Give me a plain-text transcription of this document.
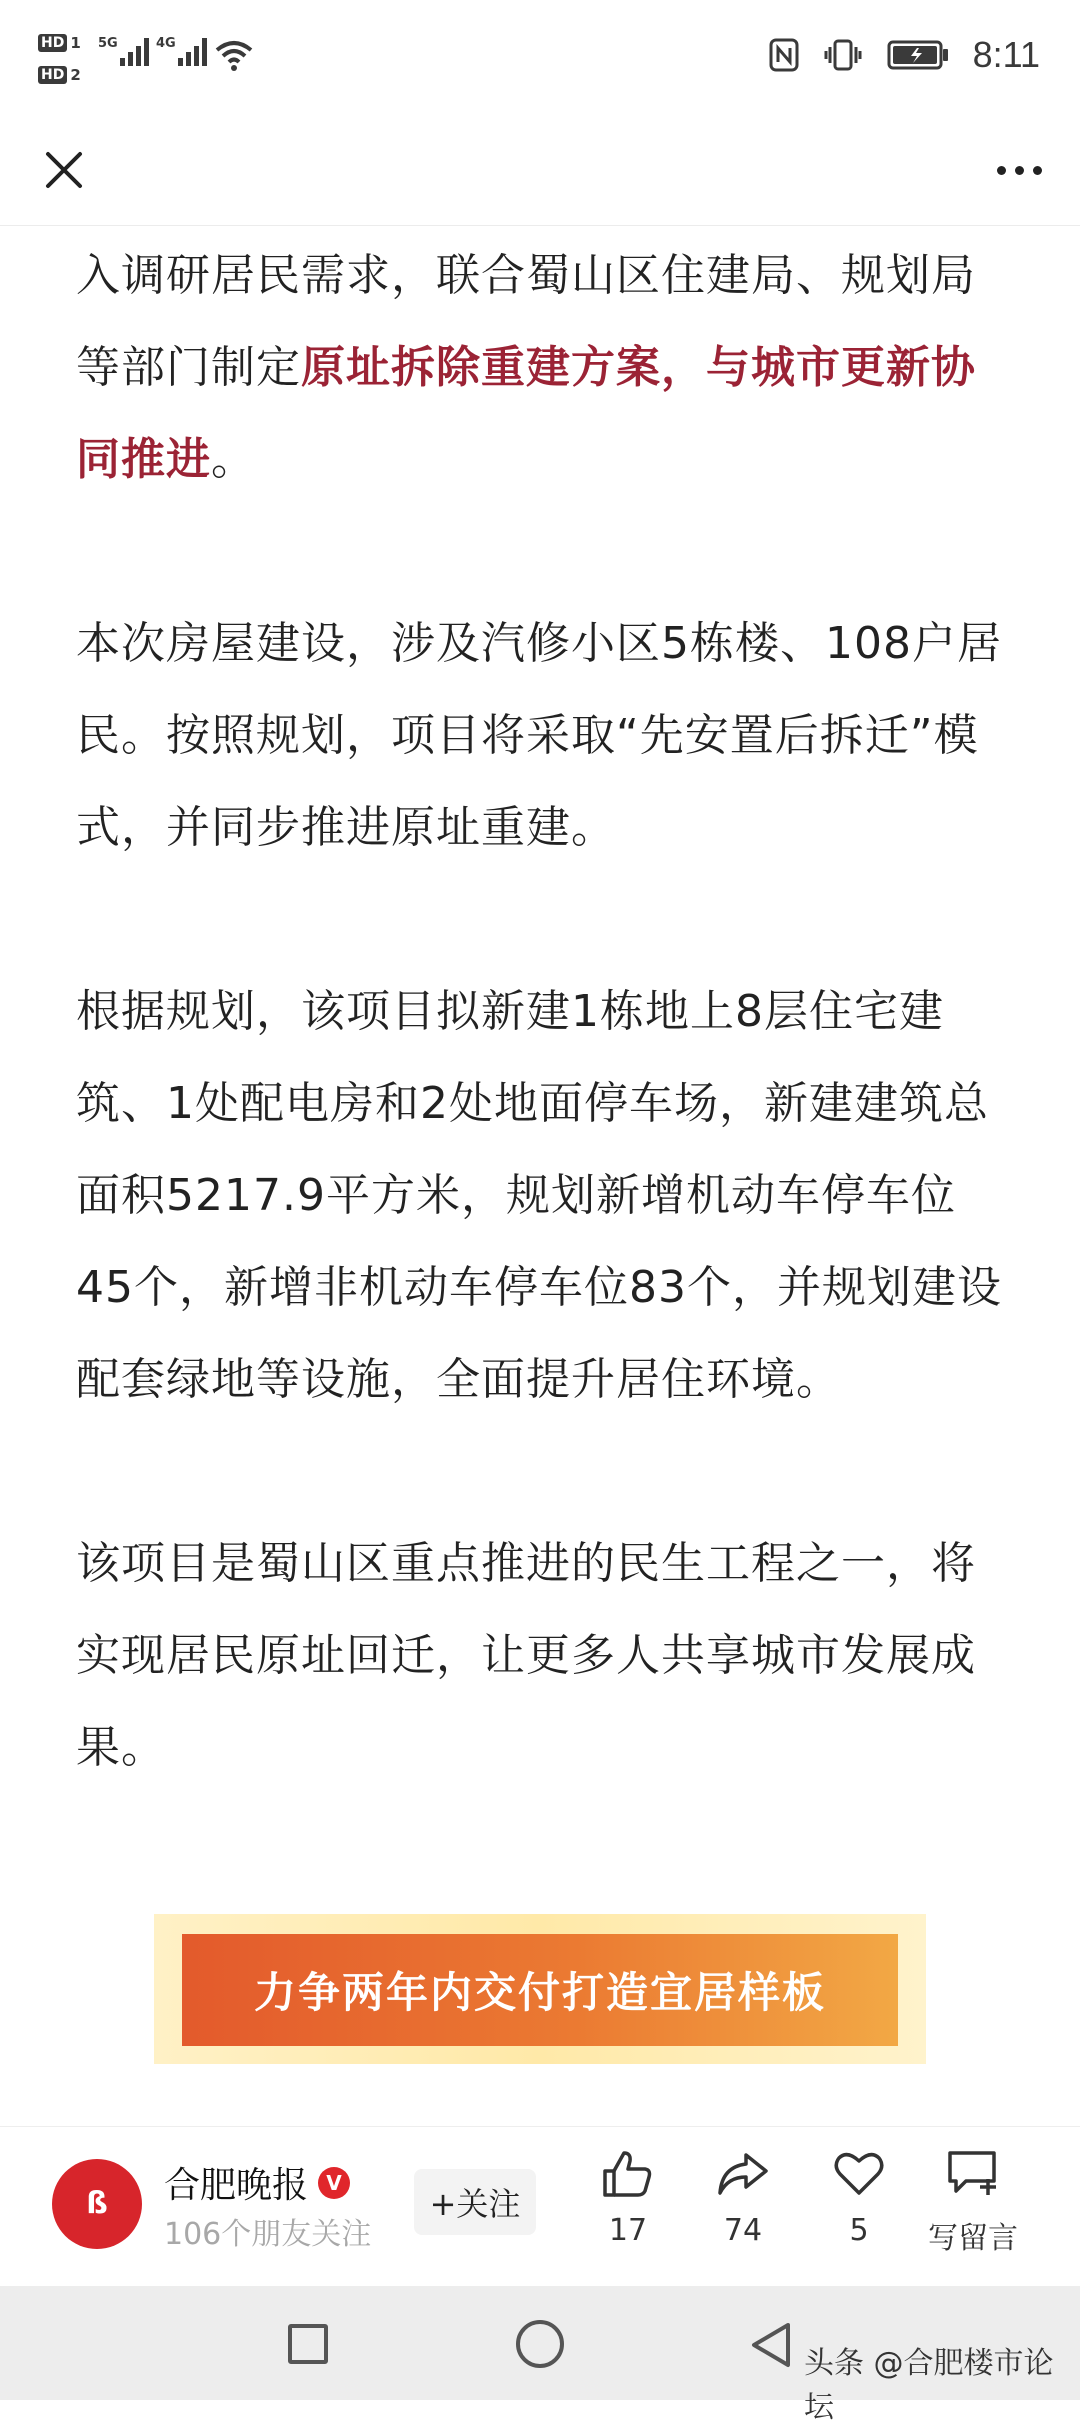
HD 1
HD 2
5G	4G	8:11

入调研居民需求，联合蜀山区住建局、规划局等部门制定原址拆除重建方案，与城市更新协同推进。

本次房屋建设，涉及汽修小区5栋楼、108户居民。按照规划，项目将采取“先安置后拆迁”模式，并同步推进原址重建。

根据规划，该项目拟新建1栋地上8层住宅建筑、1处配电房和2处地面停车场，新建建筑总面积5217.9平方米，规划新增机动车停车位45个，新增非机动车停车位83个，并规划建设配套绿地等设施，全面提升居住环境。

该项目是蜀山区重点推进的民生工程之一，将实现居民原址回迁，让更多人共享城市发展成果。

力争两年内交付打造宜居样板
ß 合肥晚报 V
106个朋友关注
+关注
17	74	5	写留言
头条 @合肥楼市论坛
